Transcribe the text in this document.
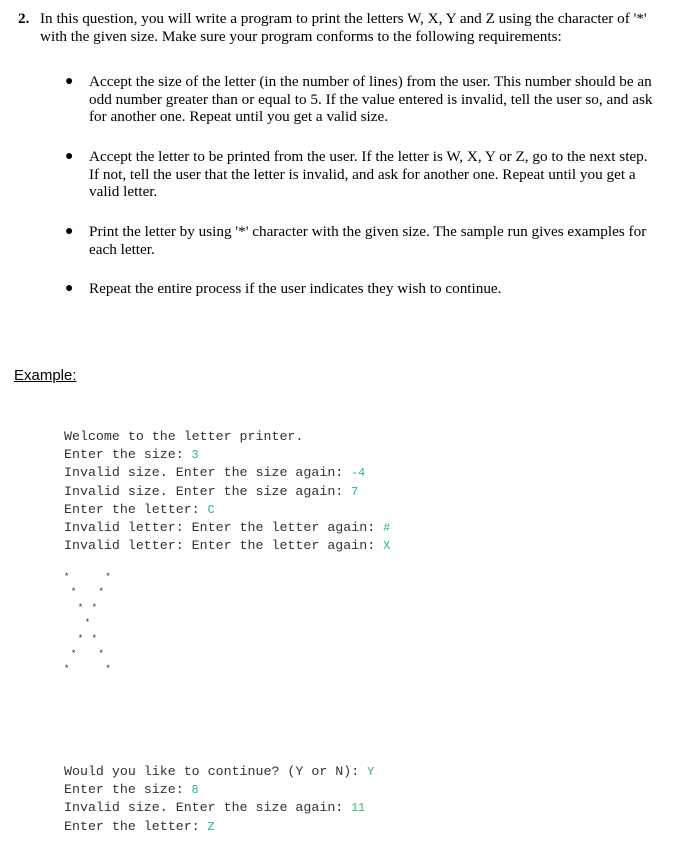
2. In this question, you will write a program to print the letters W, X, Y and Z using the character of '*' with the given size. Make sure your program conforms to the following requirements:
● Accept the size of the letter (in the number of lines) from the user. This number should be an odd number greater than or equal to 5. If the value entered is invalid, tell the user so, and ask for another one. Repeat until you get a valid size.
● Accept the letter to be printed from the user. If the letter is W, X, Y or Z, go to the next step. If not, tell the user that the letter is invalid, and ask for another one. Repeat until you get a valid letter.
● Print the letter by using '*' character with the given size. The sample run gives examples for each letter.
● Repeat the entire process if the user indicates they wish to continue.
Example:
Welcome to the letter printer.
Enter the size: 3
Invalid size. Enter the size again: -4
Invalid size. Enter the size again: 7
Enter the letter: C
Invalid letter: Enter the letter again: #
Invalid letter: Enter the letter again: X
*     *
*   *
* *
*
* *
*   *
*     *
Would you like to continue? (Y or N): Y
Enter the size: 8
Invalid size. Enter the size again: 11
Enter the letter: Z
